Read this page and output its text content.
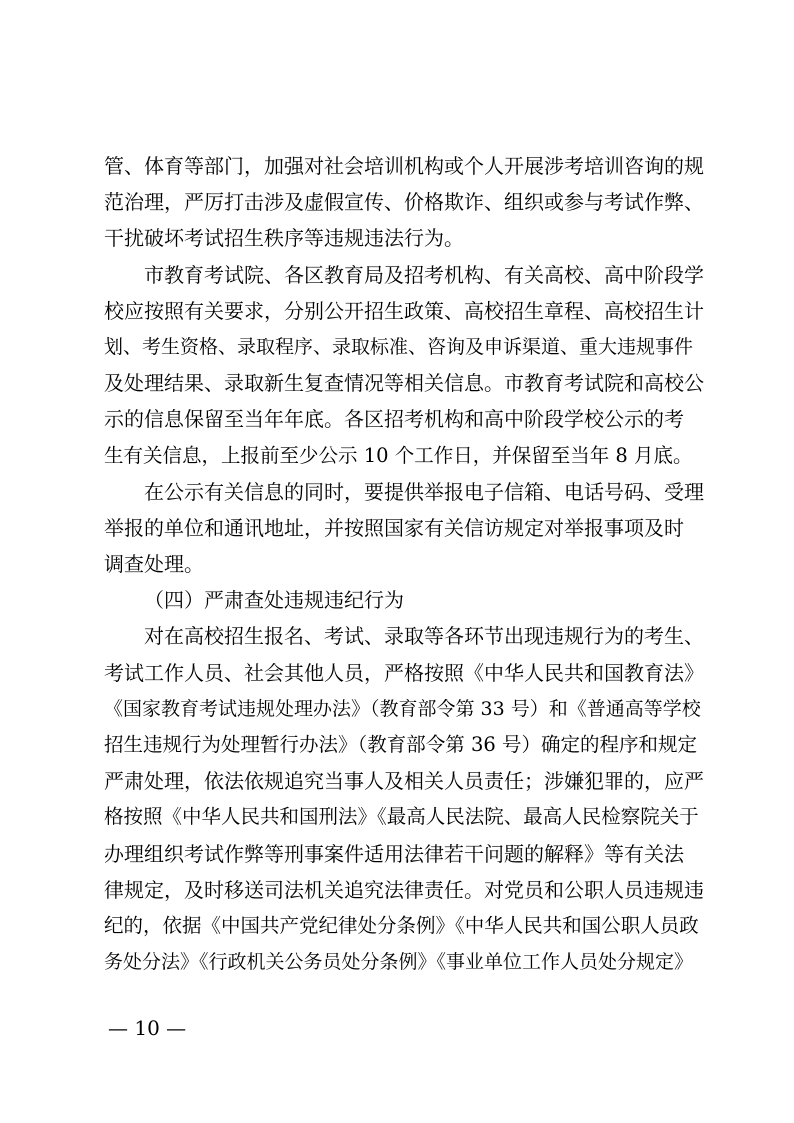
管、体育等部门，加强对社会培训机构或个人开展涉考培训咨询的规
范治理，严厉打击涉及虚假宣传、价格欺诈、组织或参与考试作弊、
干扰破坏考试招生秩序等违规违法行为。
市教育考试院、各区教育局及招考机构、有关高校、高中阶段学
校应按照有关要求，分别公开招生政策、高校招生章程、高校招生计
划、考生资格、录取程序、录取标准、咨询及申诉渠道、重大违规事件
及处理结果、录取新生复查情况等相关信息。市教育考试院和高校公
示的信息保留至当年年底。各区招考机构和高中阶段学校公示的考
生有关信息，上报前至少公示 10 个工作日，并保留至当年 8 月底。
在公示有关信息的同时，要提供举报电子信箱、电话号码、受理
举报的单位和通讯地址，并按照国家有关信访规定对举报事项及时
调查处理。
（四）严肃查处违规违纪行为
对在高校招生报名、考试、录取等各环节出现违规行为的考生、
考试工作人员、社会其他人员，严格按照《中华人民共和国教育法》
《国家教育考试违规处理办法》（教育部令第 33 号）和《普通高等学校
招生违规行为处理暂行办法》（教育部令第 36 号）确定的程序和规定
严肃处理，依法依规追究当事人及相关人员责任；涉嫌犯罪的，应严
格按照《中华人民共和国刑法》《最高人民法院、最高人民检察院关于
办理组织考试作弊等刑事案件适用法律若干问题的解释》等有关法
律规定，及时移送司法机关追究法律责任。对党员和公职人员违规违
纪的，依据《中国共产党纪律处分条例》《中华人民共和国公职人员政
务处分法》《行政机关公务员处分条例》《事业单位工作人员处分规定》
— 10 —
